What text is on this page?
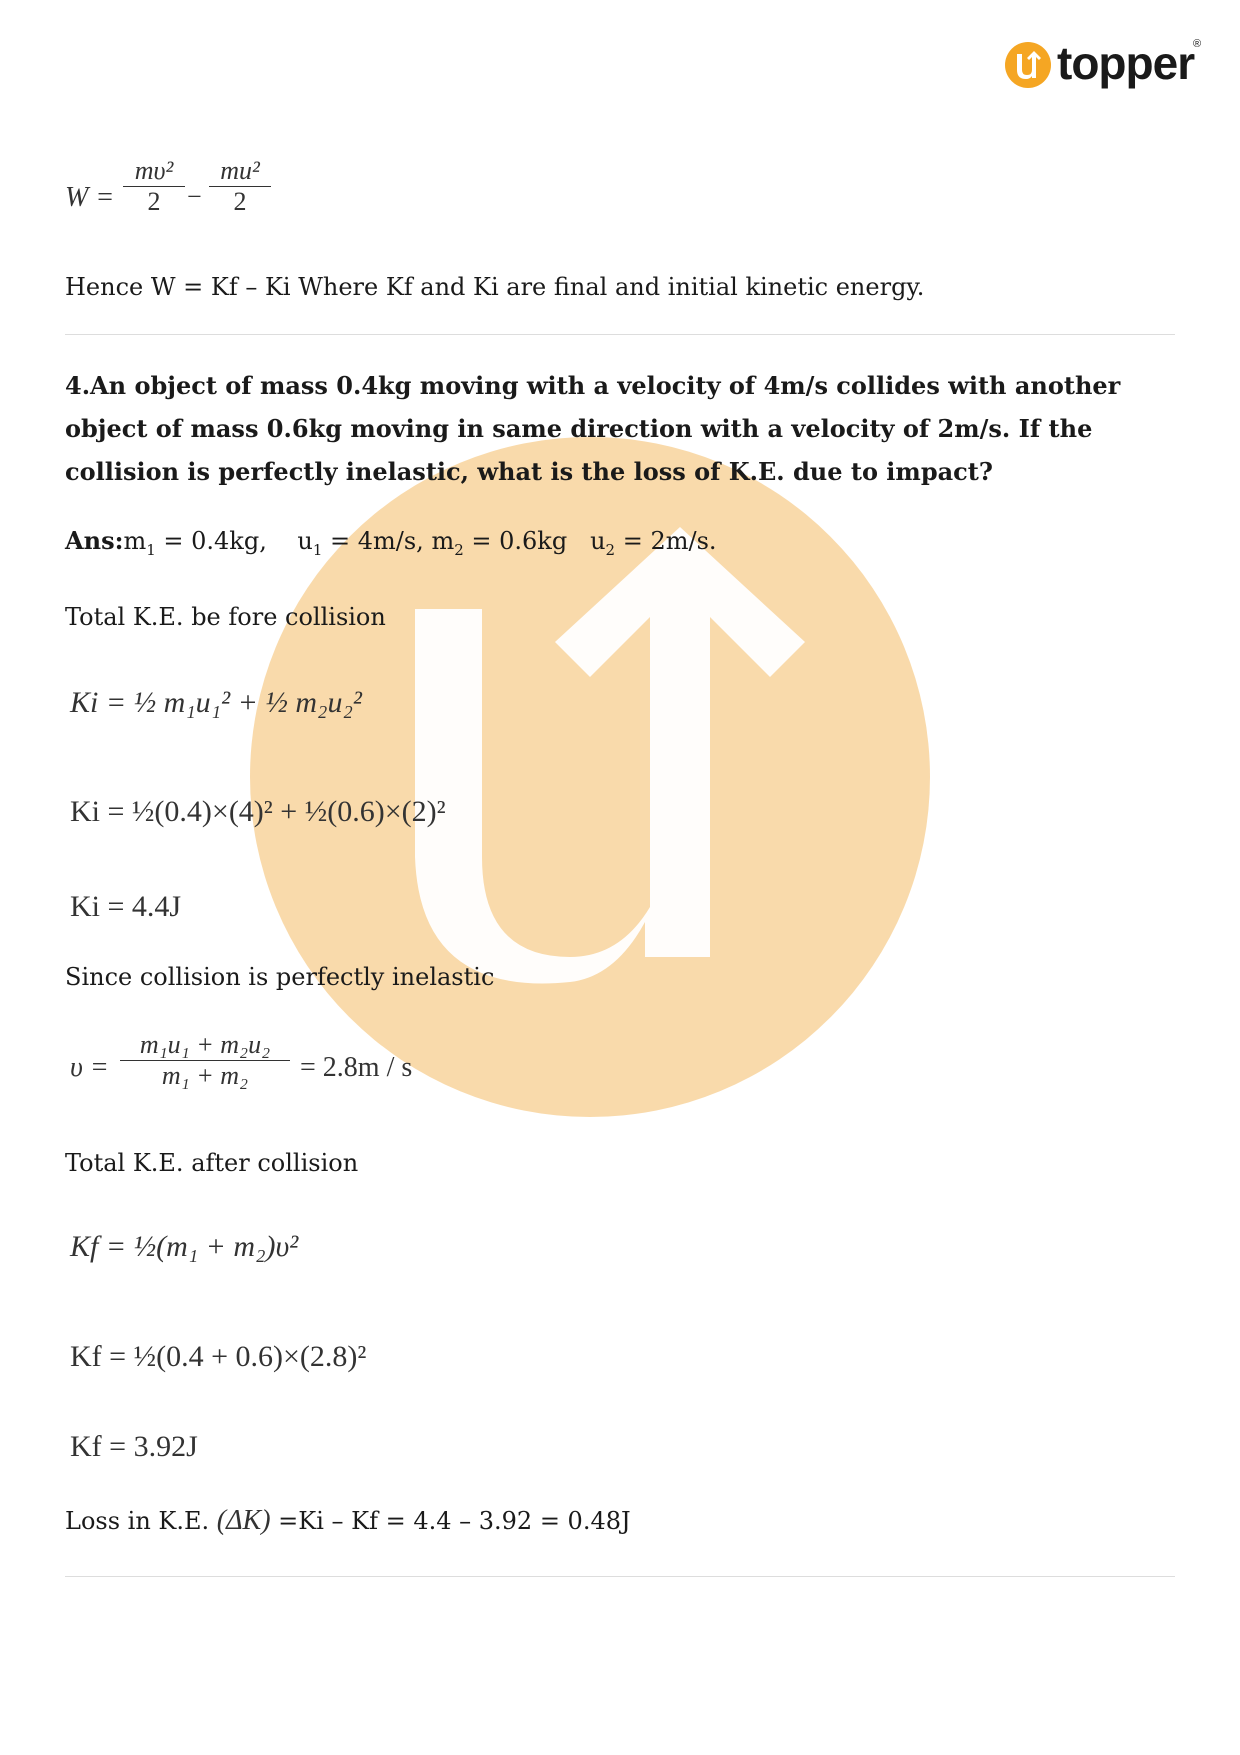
topper
®
W =
mυ²
2	−
mu²
2
Hence W = Kf – Ki Where Kf and Ki are final and initial kinetic energy.
4.An object of mass 0.4kg moving with a velocity of 4m/s collides with another object of mass 0.6kg moving in same direction with a velocity of 2m/s. If the collision is perfectly inelastic, what is the loss of K.E. due to impact?
$Ans:m_1 = 0.4kg$,    $u_1 = 4m/s$, $m_2 = 0.6kg$   $u_2 = 2m/s$.
Total K.E. be fore collision
Ki = ½ m₁u₁² + ½ m₂u₂²
Ki = ½(0.4)×(4)² + ½(0.6)×(2)²
Ki = 4.4J
Since collision is perfectly inelastic
υ =
m₁u₁ + m₂u₂
m₁ + m₂	= 2.8m / s
Total K.E. after collision
Kf = ½(m₁ + m₂)υ²
Kf = ½(0.4 + 0.6)×(2.8)²
Kf = 3.92J
Loss in K.E. (ΔK) =Ki – Kf = 4.4 – 3.92 = 0.48J
